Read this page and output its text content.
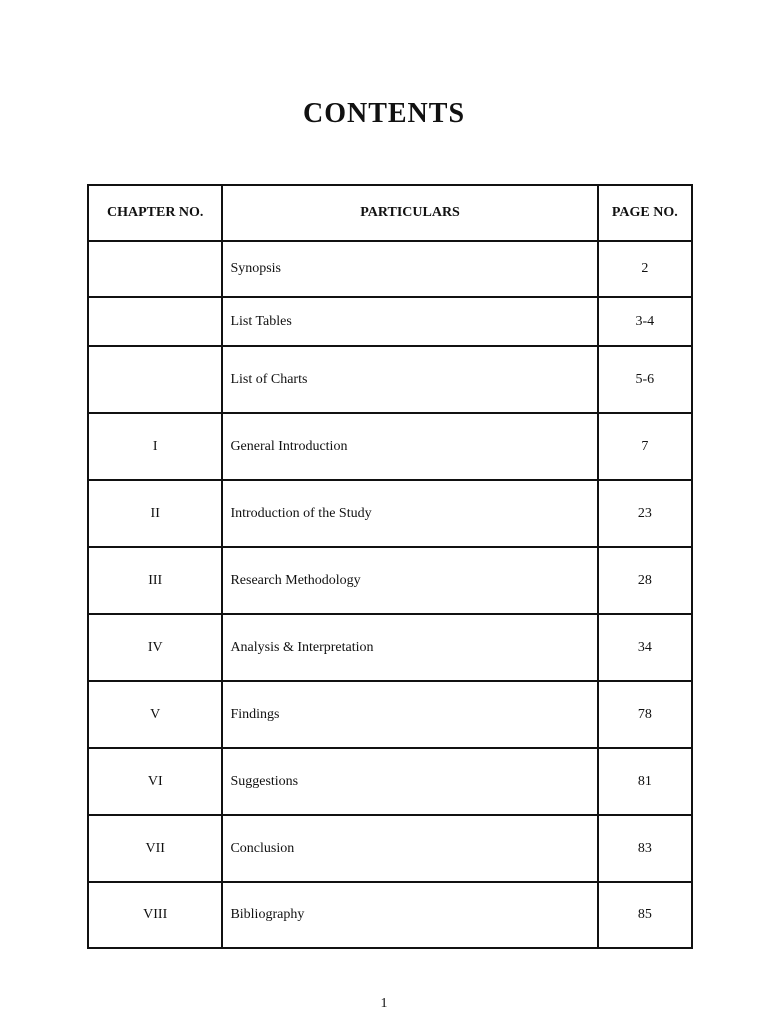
CONTENTS
CHAPTER NO.	PARTICULARS	PAGE NO.
	Synopsis	2
	List Tables	3-4
	List of Charts	5-6
I	General Introduction	7
II	Introduction of the Study	23
III	Research Methodology	28
IV	Analysis & Interpretation	34
V	Findings	78
VI	Suggestions	81
VII	Conclusion	83
VIII	Bibliography	85
1
